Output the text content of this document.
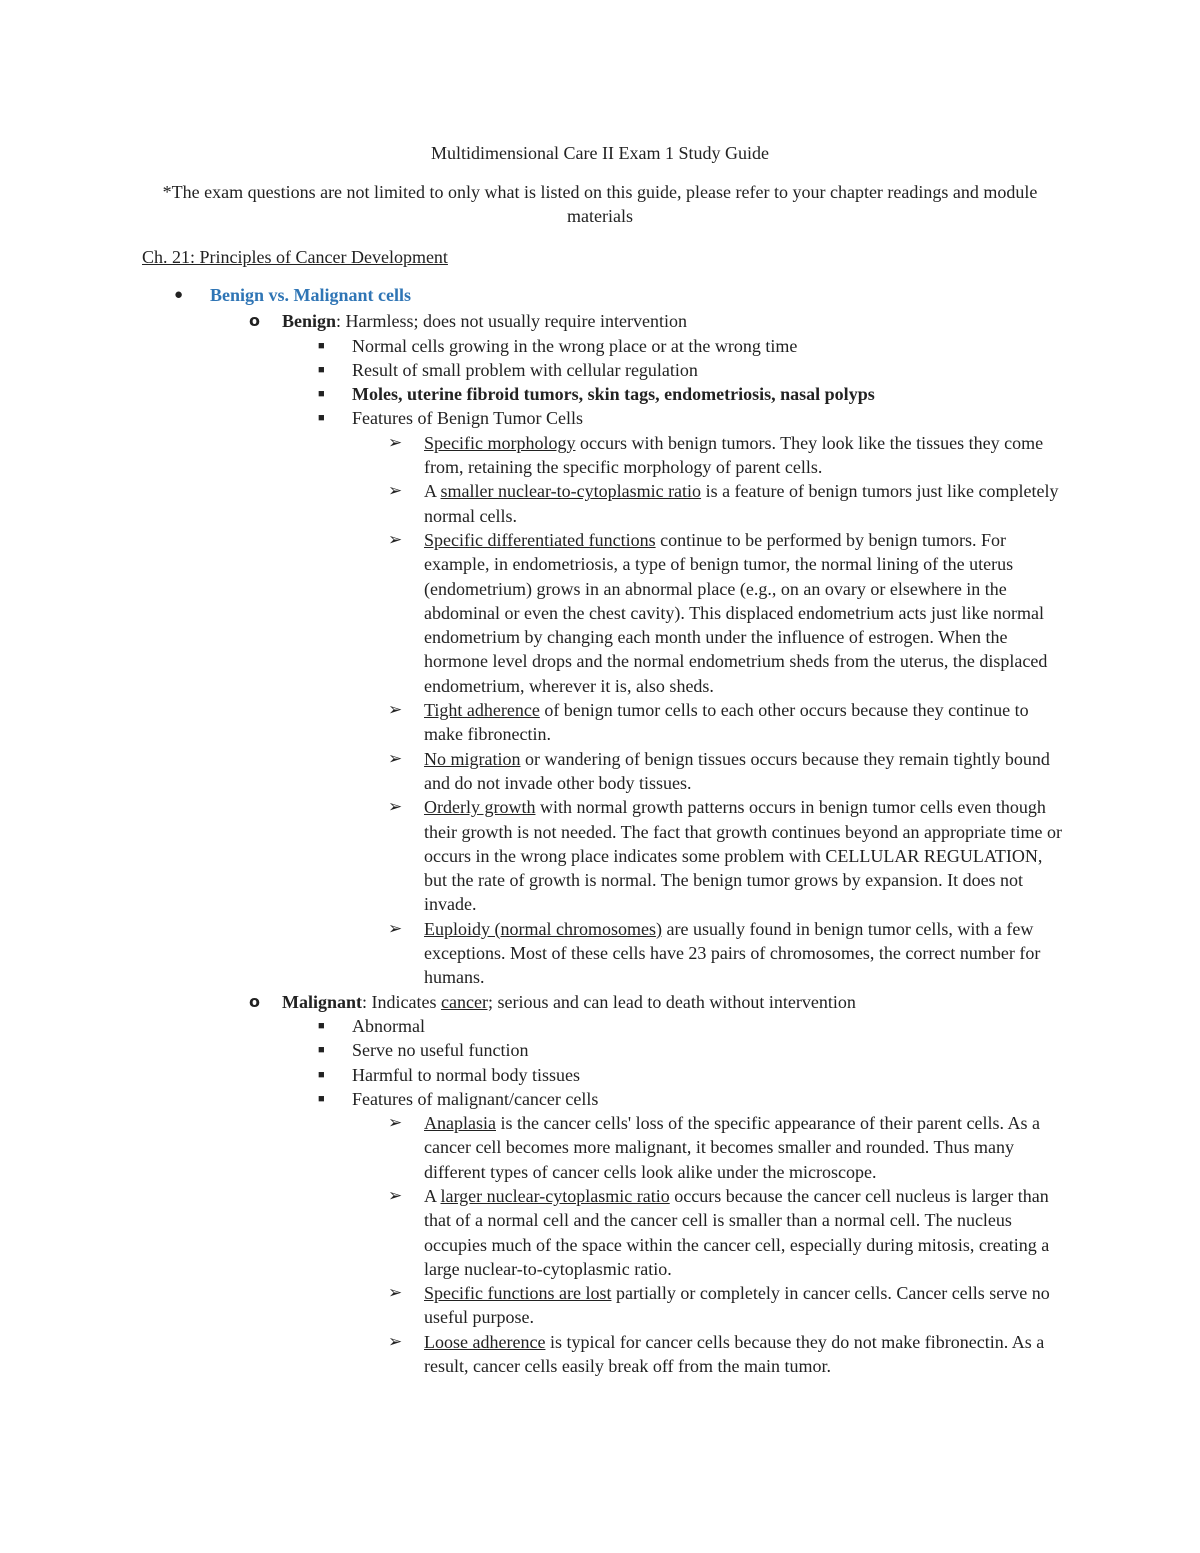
Multidimensional Care II Exam 1 Study Guide
*The exam questions are not limited to only what is listed on this guide, please refer to your chapter readings and module materials
Ch. 21: Principles of Cancer Development
● Benign vs. Malignant cells
o Benign: Harmless; does not usually require intervention
■ Normal cells growing in the wrong place or at the wrong time
■ Result of small problem with cellular regulation
■ Moles, uterine fibroid tumors, skin tags, endometriosis, nasal polyps
■ Features of Benign Tumor Cells
➢ Specific morphology occurs with benign tumors. They look like the tissues they come from, retaining the specific morphology of parent cells.
➢ A smaller nuclear-to-cytoplasmic ratio is a feature of benign tumors just like completely normal cells.
➢ Specific differentiated functions continue to be performed by benign tumors. For example, in endometriosis, a type of benign tumor, the normal lining of the uterus (endometrium) grows in an abnormal place (e.g., on an ovary or elsewhere in the abdominal or even the chest cavity). This displaced endometrium acts just like normal endometrium by changing each month under the influence of estrogen. When the hormone level drops and the normal endometrium sheds from the uterus, the displaced endometrium, wherever it is, also sheds.
➢ Tight adherence of benign tumor cells to each other occurs because they continue to make fibronectin.
➢ No migration or wandering of benign tissues occurs because they remain tightly bound and do not invade other body tissues.
➢ Orderly growth with normal growth patterns occurs in benign tumor cells even though their growth is not needed. The fact that growth continues beyond an appropriate time or occurs in the wrong place indicates some problem with CELLULAR REGULATION, but the rate of growth is normal. The benign tumor grows by expansion. It does not invade.
➢ Euploidy (normal chromosomes) are usually found in benign tumor cells, with a few exceptions. Most of these cells have 23 pairs of chromosomes, the correct number for humans.
o Malignant: Indicates cancer; serious and can lead to death without intervention
■ Abnormal
■ Serve no useful function
■ Harmful to normal body tissues
■ Features of malignant/cancer cells
➢ Anaplasia is the cancer cells' loss of the specific appearance of their parent cells. As a cancer cell becomes more malignant, it becomes smaller and rounded. Thus many different types of cancer cells look alike under the microscope.
➢ A larger nuclear-cytoplasmic ratio occurs because the cancer cell nucleus is larger than that of a normal cell and the cancer cell is smaller than a normal cell. The nucleus occupies much of the space within the cancer cell, especially during mitosis, creating a large nuclear-to-cytoplasmic ratio.
➢ Specific functions are lost partially or completely in cancer cells. Cancer cells serve no useful purpose.
➢ Loose adherence is typical for cancer cells because they do not make fibronectin. As a result, cancer cells easily break off from the main tumor.
